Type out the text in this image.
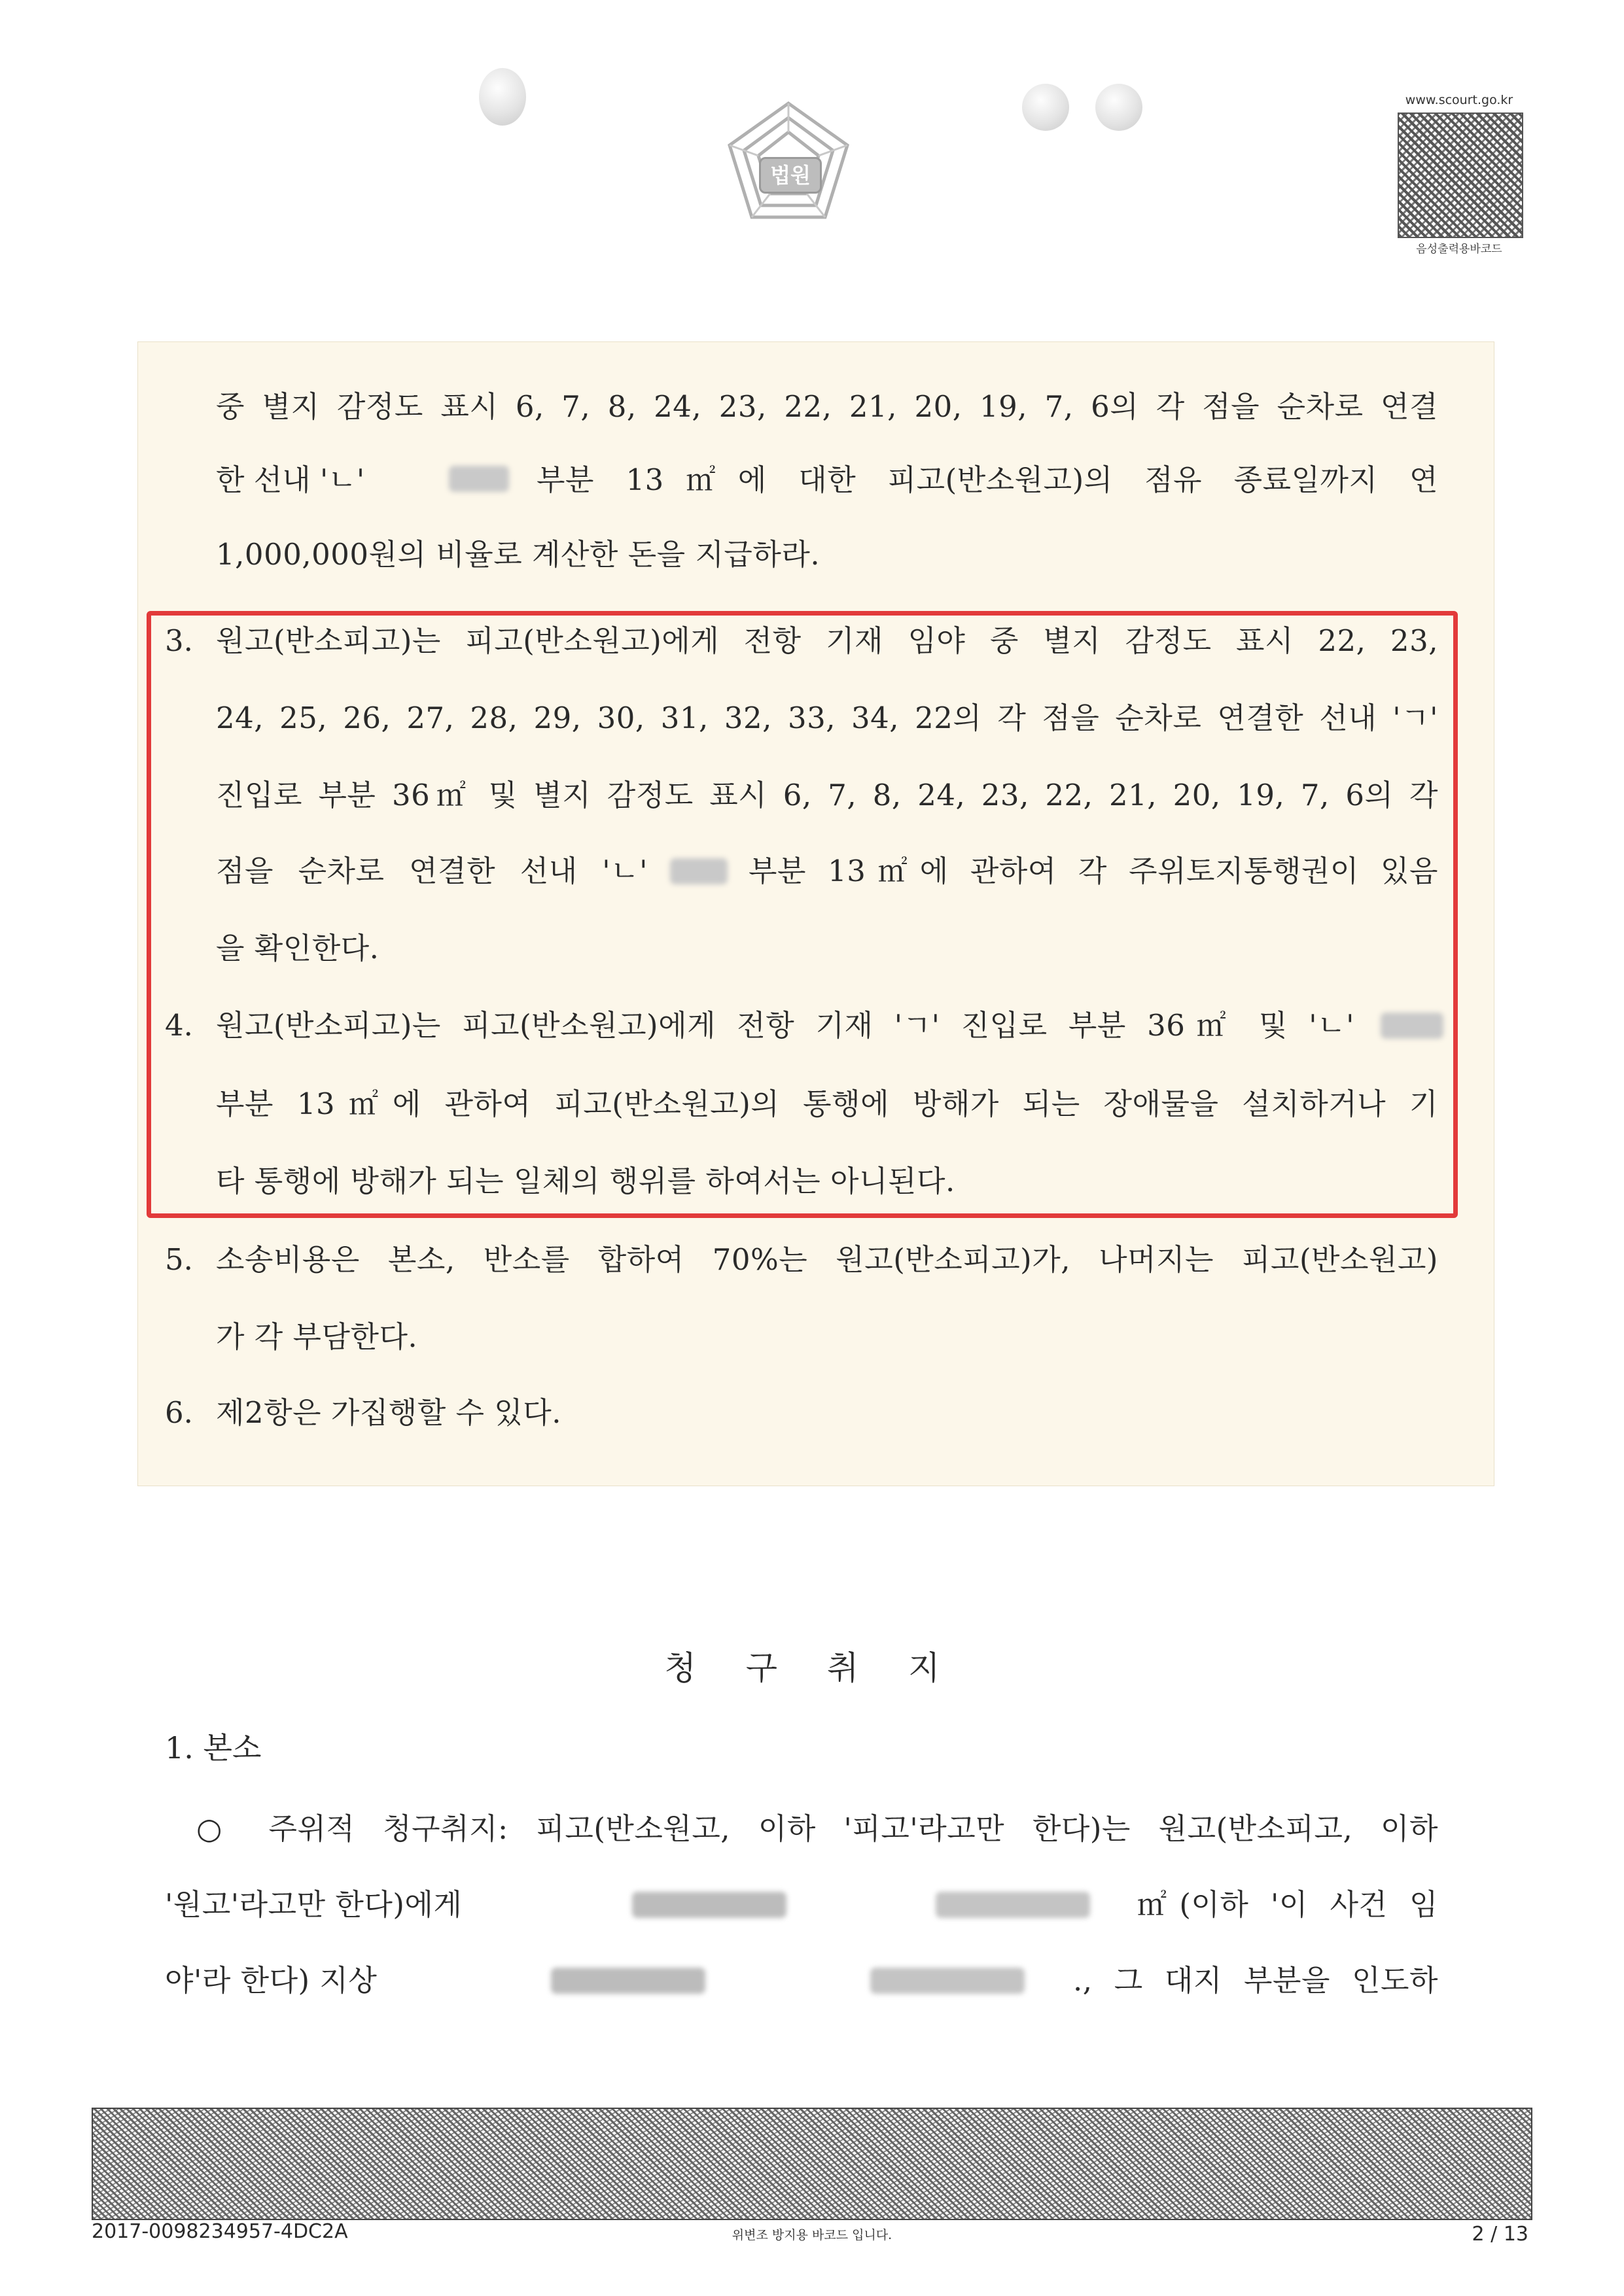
법원
www.scourt.go.kr
음성출력용바코드
중 별지 감정도 표시 6, 7, 8, 24, 23, 22, 21, 20, 19, 7, 6의 각 점을 순차로 연결
한 선내 'ㄴ'	부분 13㎡에 대한 피고(반소원고)의 점유 종료일까지 연
1,000,000원의 비율로 계산한 돈을 지급하라.
3. 원고(반소피고)는 피고(반소원고)에게 전항 기재 임야 중 별지 감정도 표시 22, 23,
24, 25, 26, 27, 28, 29, 30, 31, 32, 33, 34, 22의 각 점을 순차로 연결한 선내 'ㄱ'
진입로 부분 36㎡ 및 별지 감정도 표시 6, 7, 8, 24, 23, 22, 21, 20, 19, 7, 6의 각
점을 순차로 연결한 선내 'ㄴ'	부분 13㎡에 관하여 각 주위토지통행권이 있음
을 확인한다.
4. 원고(반소피고)는 피고(반소원고)에게 전항 기재 'ㄱ' 진입로 부분 36㎡ 및 'ㄴ'
부분 13㎡에 관하여 피고(반소원고)의 통행에 방해가 되는 장애물을 설치하거나 기
타 통행에 방해가 되는 일체의 행위를 하여서는 아니된다.
5. 소송비용은 본소, 반소를 합하여 70%는 원고(반소피고)가, 나머지는 피고(반소원고)
가 각 부담한다.
6. 제2항은 가집행할 수 있다.
청 구 취 지
1. 본소
○ 주위적 청구취지: 피고(반소원고, 이하 '피고'라고만 한다)는 원고(반소피고, 이하
'원고'라고만 한다)에게	㎡(이하 '이 사건 임
야'라 한다) 지상	., 그 대지 부분을 인도하
2017-0098234957-4DC2A	위변조 방지용 바코드 입니다.	2 / 13
